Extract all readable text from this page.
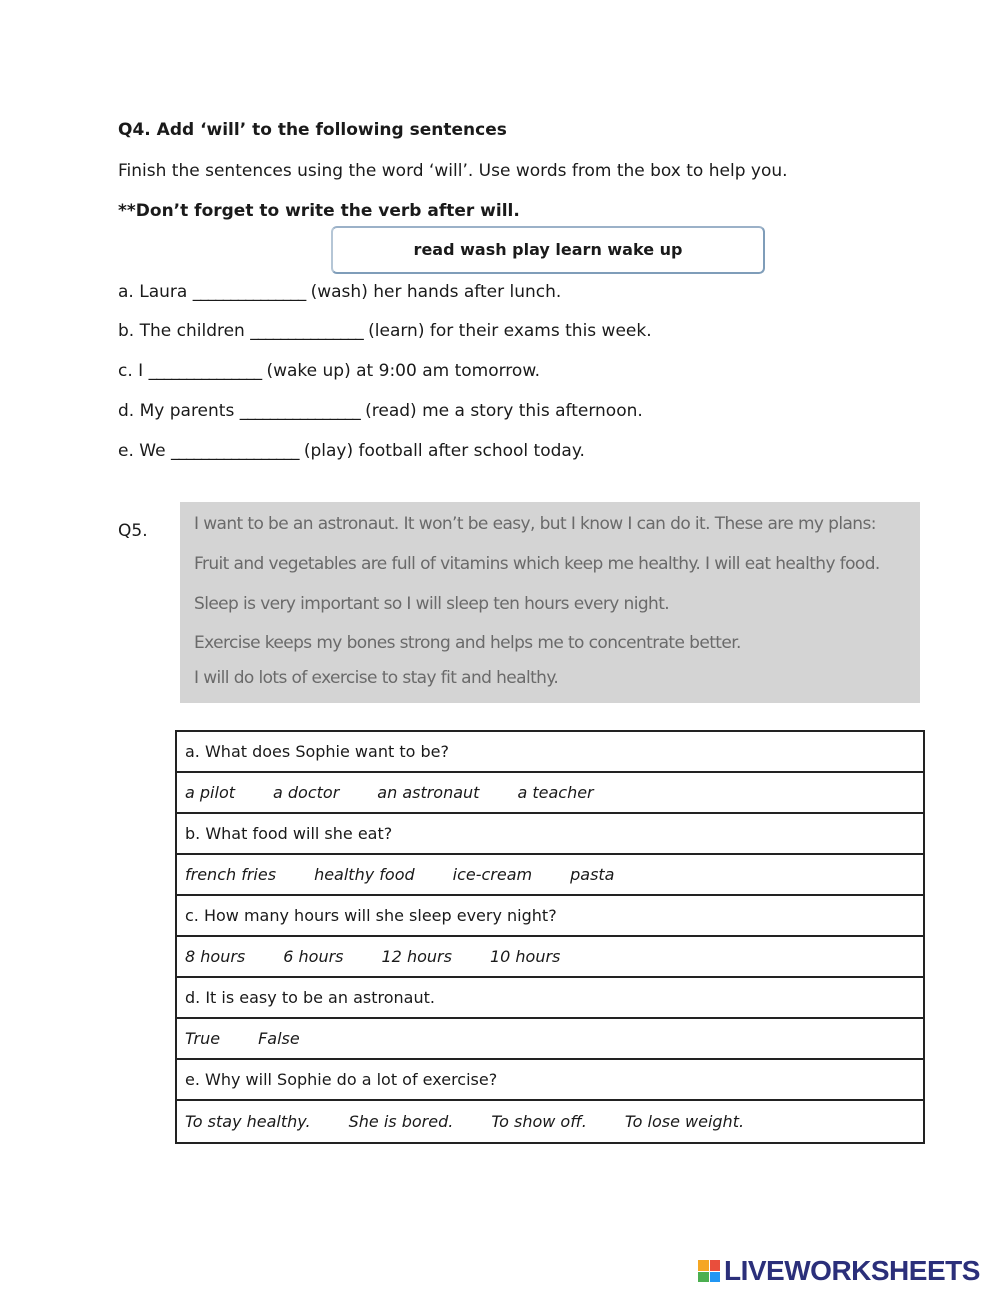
Q4. Add ‘will’ to the following sentences
Finish the sentences using the word ‘will’. Use words from the box to help you.
**Don’t forget to write the verb after will.
read wash play learn wake up
a. Laura _______________ (wash) her hands after lunch.
b. The children _______________ (learn) for their exams this week.
c. I _______________ (wake up) at 9:00 am tomorrow.
d. My parents ________________ (read) me a story this afternoon.
e. We _________________ (play) football after school today.
Q5.	I want to be an astronaut. It won’t be easy, but I know I can do it. These are my plans:
Fruit and vegetables are full of vitamins which keep me healthy. I will eat healthy food.
Sleep is very important so I will sleep ten hours every night.
Exercise keeps my bones strong and helps me to concentrate better.
I will do lots of exercise to stay fit and healthy.
a. What does Sophie want to be?
a pilot a doctor an astronaut a teacher
b. What food will she eat?
french fries healthy food ice-cream pasta
c. How many hours will she sleep every night?
8 hours 6 hours 12 hours 10 hours
d. It is easy to be an astronaut.
True False
e. Why will Sophie do a lot of exercise?
To stay healthy. She is bored. To show off. To lose weight.
LIVEWORKSHEETS
